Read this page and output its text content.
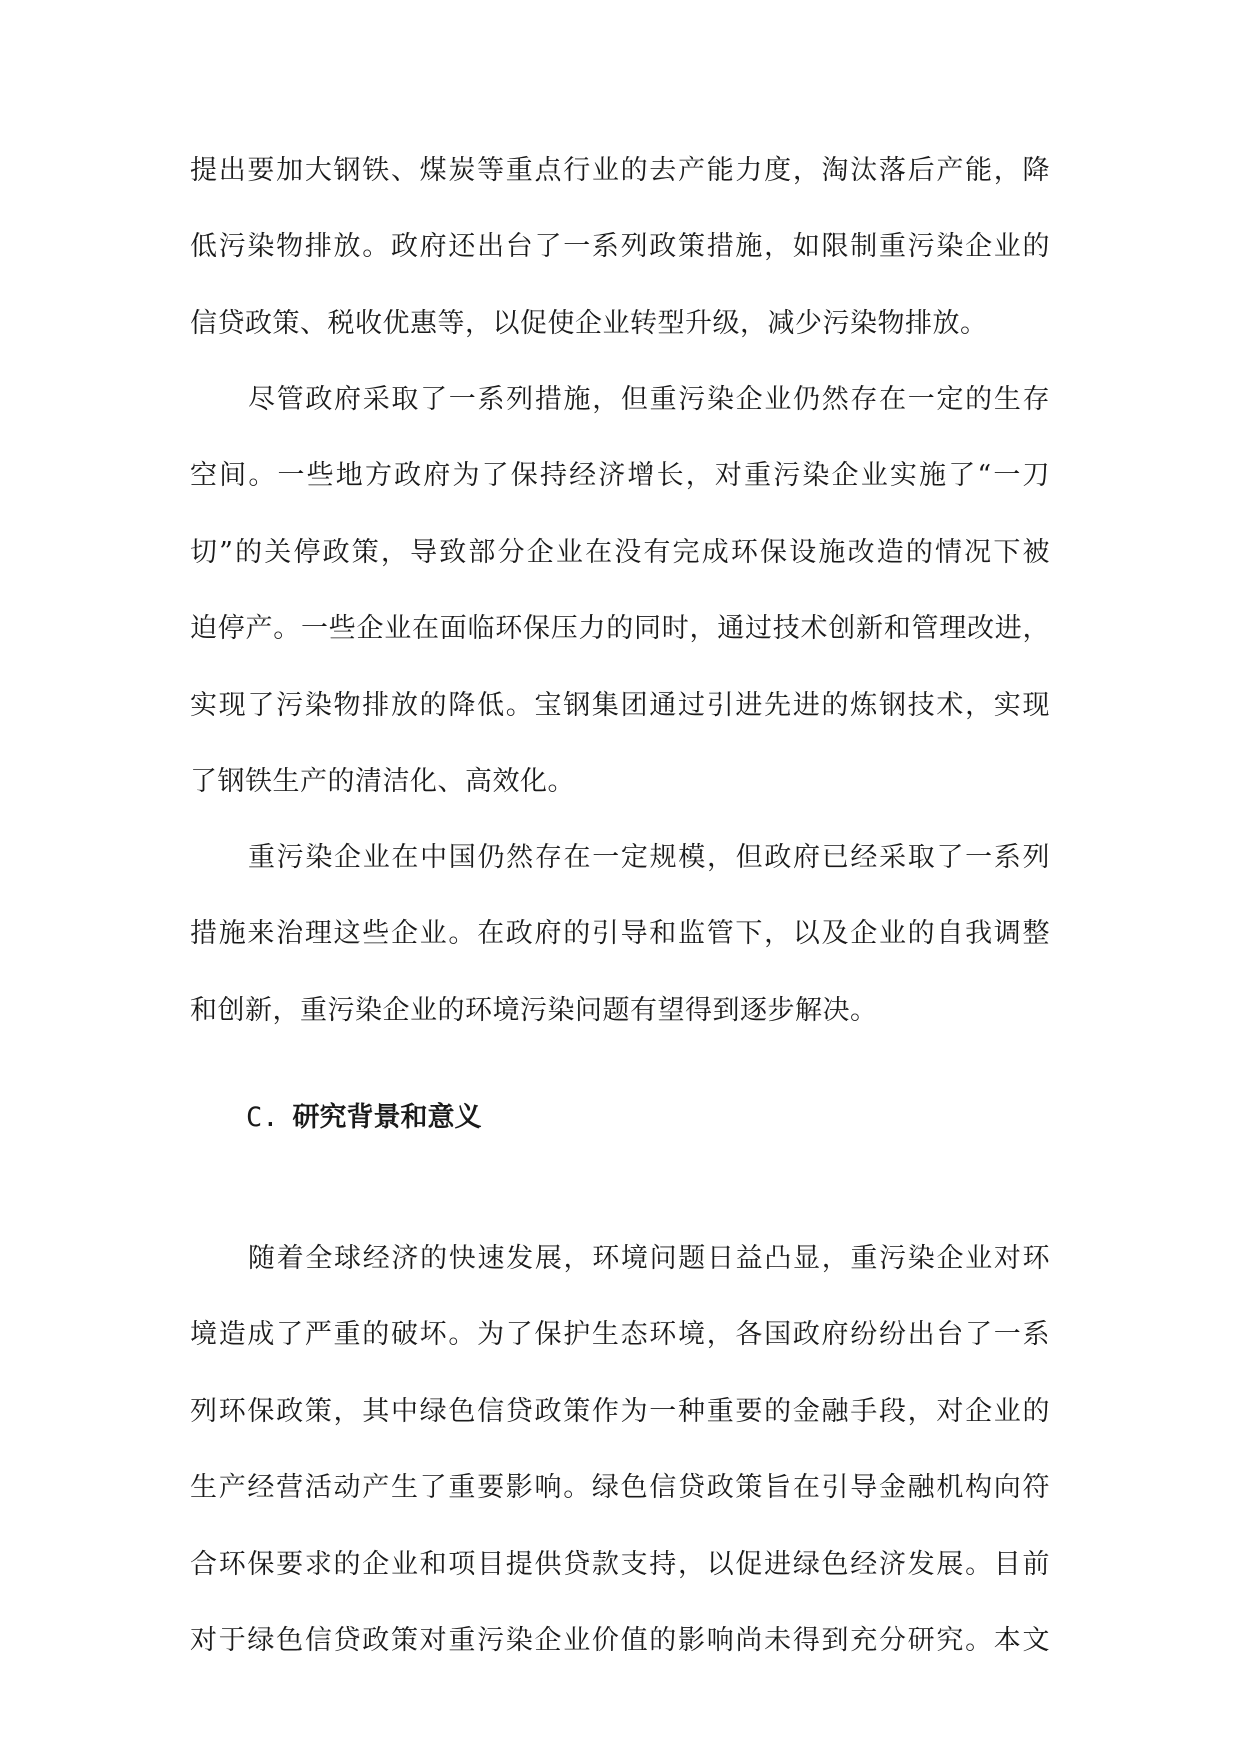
提出要加大钢铁、煤炭等重点行业的去产能力度，淘汰落后产能，降
低污染物排放。政府还出台了一系列政策措施，如限制重污染企业的
信贷政策、税收优惠等，以促使企业转型升级，减少污染物排放。
尽管政府采取了一系列措施，但重污染企业仍然存在一定的生存
空间。一些地方政府为了保持经济增长，对重污染企业实施了“一刀
切”的关停政策，导致部分企业在没有完成环保设施改造的情况下被
迫停产。一些企业在面临环保压力的同时，通过技术创新和管理改进，
实现了污染物排放的降低。宝钢集团通过引进先进的炼钢技术，实现
了钢铁生产的清洁化、高效化。
重污染企业在中国仍然存在一定规模，但政府已经采取了一系列
措施来治理这些企业。在政府的引导和监管下，以及企业的自我调整
和创新，重污染企业的环境污染问题有望得到逐步解决。
C. 研究背景和意义
随着全球经济的快速发展，环境问题日益凸显，重污染企业对环
境造成了严重的破坏。为了保护生态环境，各国政府纷纷出台了一系
列环保政策，其中绿色信贷政策作为一种重要的金融手段，对企业的
生产经营活动产生了重要影响。绿色信贷政策旨在引导金融机构向符
合环保要求的企业和项目提供贷款支持，以促进绿色经济发展。目前
对于绿色信贷政策对重污染企业价值的影响尚未得到充分研究。本文
